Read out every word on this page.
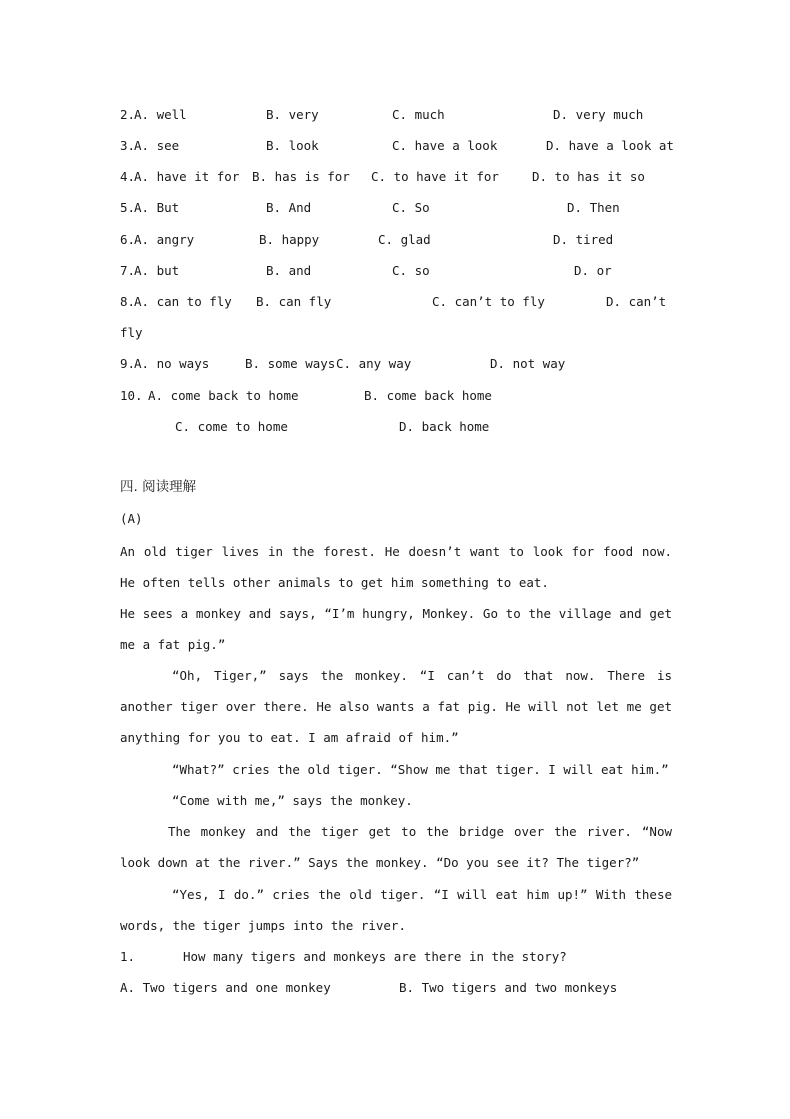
2.

A. well

	B. very

	C. much

	D. very much

3.

A. see

	B. look

	C. have a look

	D. have a look at

4.

A. have it for

B. has is for

C. to have it for

	D. to has it so

5.

A. But

	B. And

	C. So

	D. Then

6.

A. angry

	B. happy

	C. glad

	D. tired

7.

A. but

	B. and

	C. so

	D. or

8.

A. can to fly

B. can fly

	C. can’t to fly

	D. can’t

fly

9.

A. no ways

	B. some ways

C. any way

	D. not way

10.

A. come back to home

	B. come back home

C. come to home

	D. back home

四. 阅读理解
(A)
An old tiger lives in the forest. He doesn’t want to look for food now. He often tells other animals to get him something to eat.
He sees a monkey and says, “I’m hungry, Monkey. Go to the village and get me a fat pig.”
“Oh, Tiger,” says the monkey. “I can’t do that now. There is another tiger over there. He also wants a fat pig. He will not let me get anything for you to eat. I am afraid of him.”
“What?” cries the old tiger. “Show me that tiger. I will eat him.”
“Come with me,” says the monkey.
The monkey and the tiger get to the bridge over the river. “Now look down at the river.” Says the monkey. “Do you see it? The tiger?”
“Yes, I do.” cries the old tiger. “I will eat him up!” With these words, the tiger jumps into the river.

1.

	How many tigers and monkeys are there in the story?

A. Two tigers and one monkey

	B. Two tigers and two monkeys
